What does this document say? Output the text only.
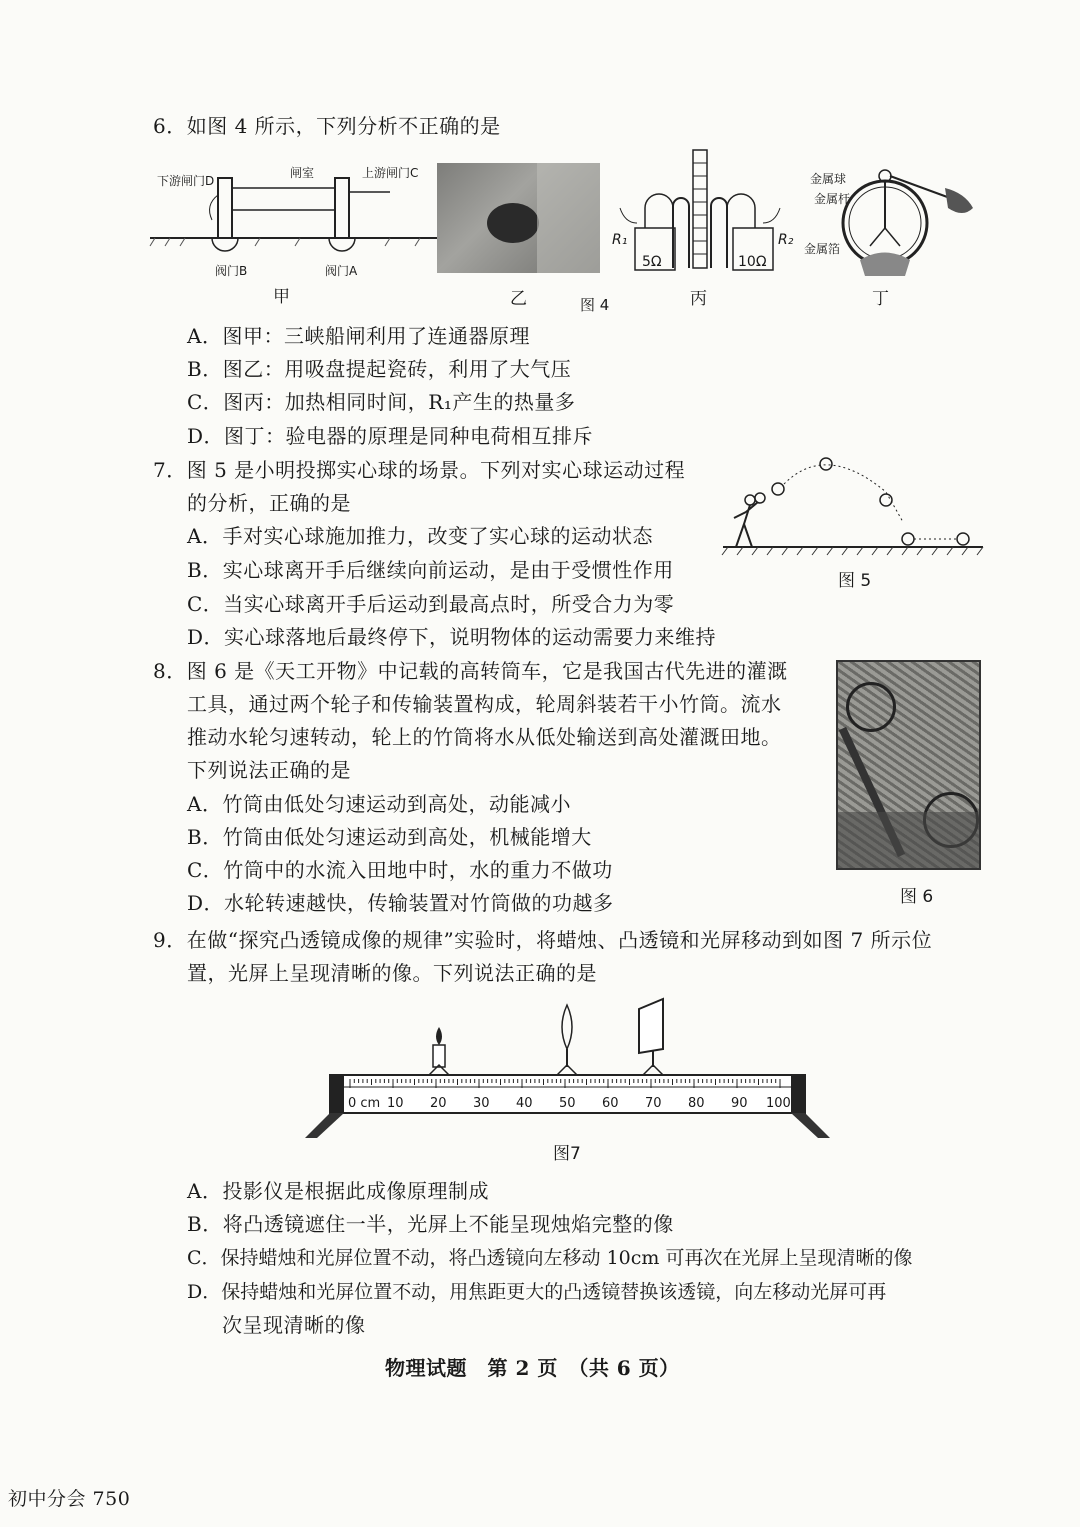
6．如图 4 所示，下列分析不正确的是
下游闸门D
闸室	上游闸门C
阀门B	阀门A
R₁	R₂
5Ω	10Ω
金属球
金属杆
金属箔
甲	乙	图 4	丙	丁
A．图甲：三峡船闸利用了连通器原理
B．图乙：用吸盘提起瓷砖，利用了大气压
C．图丙：加热相同时间，R₁产生的热量多
D．图丁：验电器的原理是同种电荷相互排斥
7．图 5 是小明投掷实心球的场景。下列对实心球运动过程
的分析，正确的是
A．手对实心球施加推力，改变了实心球的运动状态
B．实心球离开手后继续向前运动，是由于受惯性作用
C．当实心球离开手后运动到最高点时，所受合力为零
D．实心球落地后最终停下，说明物体的运动需要力来维持
图 5
8．图 6 是《天工开物》中记载的高转筒车，它是我国古代先进的灌溉
工具，通过两个轮子和传输装置构成，轮周斜装若干小竹筒。流水
推动水轮匀速转动，轮上的竹筒将水从低处输送到高处灌溉田地。
下列说法正确的是
A．竹筒由低处匀速运动到高处，动能减小
B．竹筒由低处匀速运动到高处，机械能增大
C．竹筒中的水流入田地中时，水的重力不做功
D．水轮转速越快，传输装置对竹筒做的功越多	图 6
9．在做“探究凸透镜成像的规律”实验时，将蜡烛、凸透镜和光屏移动到如图 7 所示位
置，光屏上呈现清晰的像。下列说法正确的是
0 cm 10 20 30 40 50 60 70 80 90 100
图7
A．投影仪是根据此成像原理制成
B．将凸透镜遮住一半，光屏上不能呈现烛焰完整的像
C．保持蜡烛和光屏位置不动，将凸透镜向左移动 10cm 可再次在光屏上呈现清晰的像
D．保持蜡烛和光屏位置不动，用焦距更大的凸透镜替换该透镜，向左移动光屏可再
次呈现清晰的像
物理试题　第 2 页　（共 6 页）
初中分会 750
